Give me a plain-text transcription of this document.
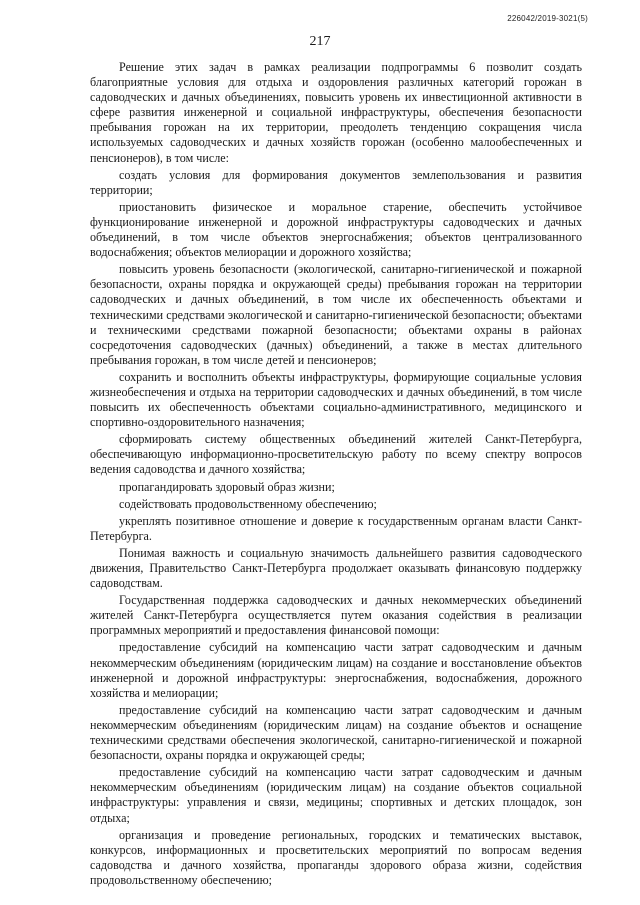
226042/2019-3021(5)
217

Решение этих задач в рамках реализации подпрограммы 6 позволит создать благоприятные условия для отдыха и оздоровления различных категорий горожан в садоводческих и дачных объединениях, повысить уровень их инвестиционной активности в сфере развития инженерной и социальной инфраструктуры, обеспечения безопасности пребывания горожан на их территории, преодолеть тенденцию сокращения числа используемых садоводческих и дачных хозяйств горожан (особенно малообеспеченных и пенсионеров), в том числе:

создать условия для формирования документов землепользования и развития территории;

приостановить физическое и моральное старение, обеспечить устойчивое функционирование инженерной и дорожной инфраструктуры садоводческих и дачных объединений, в том числе объектов энергоснабжения; объектов централизованного водоснабжения; объектов мелиорации и дорожного хозяйства;

повысить уровень безопасности (экологической, санитарно-гигиенической и пожарной безопасности, охраны порядка и окружающей среды) пребывания горожан на территории садоводческих и дачных объединений, в том числе их обеспеченность объектами и техническими средствами экологической и санитарно-гигиенической безопасности; объектами и техническими средствами пожарной безопасности; объектами охраны в районах сосредоточения садоводческих (дачных) объединений, а также в местах длительного пребывания горожан, в том числе детей и пенсионеров;

сохранить и восполнить объекты инфраструктуры, формирующие социальные условия жизнеобеспечения и отдыха на территории садоводческих и дачных объединений, в том числе повысить их обеспеченность объектами социально-административного, медицинского и спортивно-оздоровительного назначения;

сформировать систему общественных объединений жителей Санкт-Петербурга, обеспечивающую информационно-просветительскую работу по всему спектру вопросов ведения садоводства и дачного хозяйства;

пропагандировать здоровый образ жизни;

содействовать продовольственному обеспечению;

укреплять позитивное отношение и доверие к государственным органам власти Санкт-Петербурга.

Понимая важность и социальную значимость дальнейшего развития садоводческого движения, Правительство Санкт-Петербурга продолжает оказывать финансовую поддержку садоводствам.

Государственная поддержка садоводческих и дачных некоммерческих объединений жителей Санкт-Петербурга осуществляется путем оказания содействия в реализации программных мероприятий и предоставления финансовой помощи:

предоставление субсидий на компенсацию части затрат садоводческим и дачным некоммерческим объединениям (юридическим лицам) на создание и восстановление объектов инженерной и дорожной инфраструктуры: энергоснабжения, водоснабжения, дорожного хозяйства и мелиорации;

предоставление субсидий на компенсацию части затрат садоводческим и дачным некоммерческим объединениям (юридическим лицам) на создание объектов и оснащение техническими средствами обеспечения экологической, санитарно-гигиенической и пожарной безопасности, охраны порядка и окружающей среды;

предоставление субсидий на компенсацию части затрат садоводческим и дачным некоммерческим объединениям (юридическим лицам) на создание объектов социальной инфраструктуры: управления и связи, медицины; спортивных и детских площадок, зон отдыха;

организация и проведение региональных, городских и тематических выставок, конкурсов, информационных и просветительских мероприятий по вопросам ведения садоводства и дачного хозяйства, пропаганды здорового образа жизни, содействия продовольственному обеспечению;
